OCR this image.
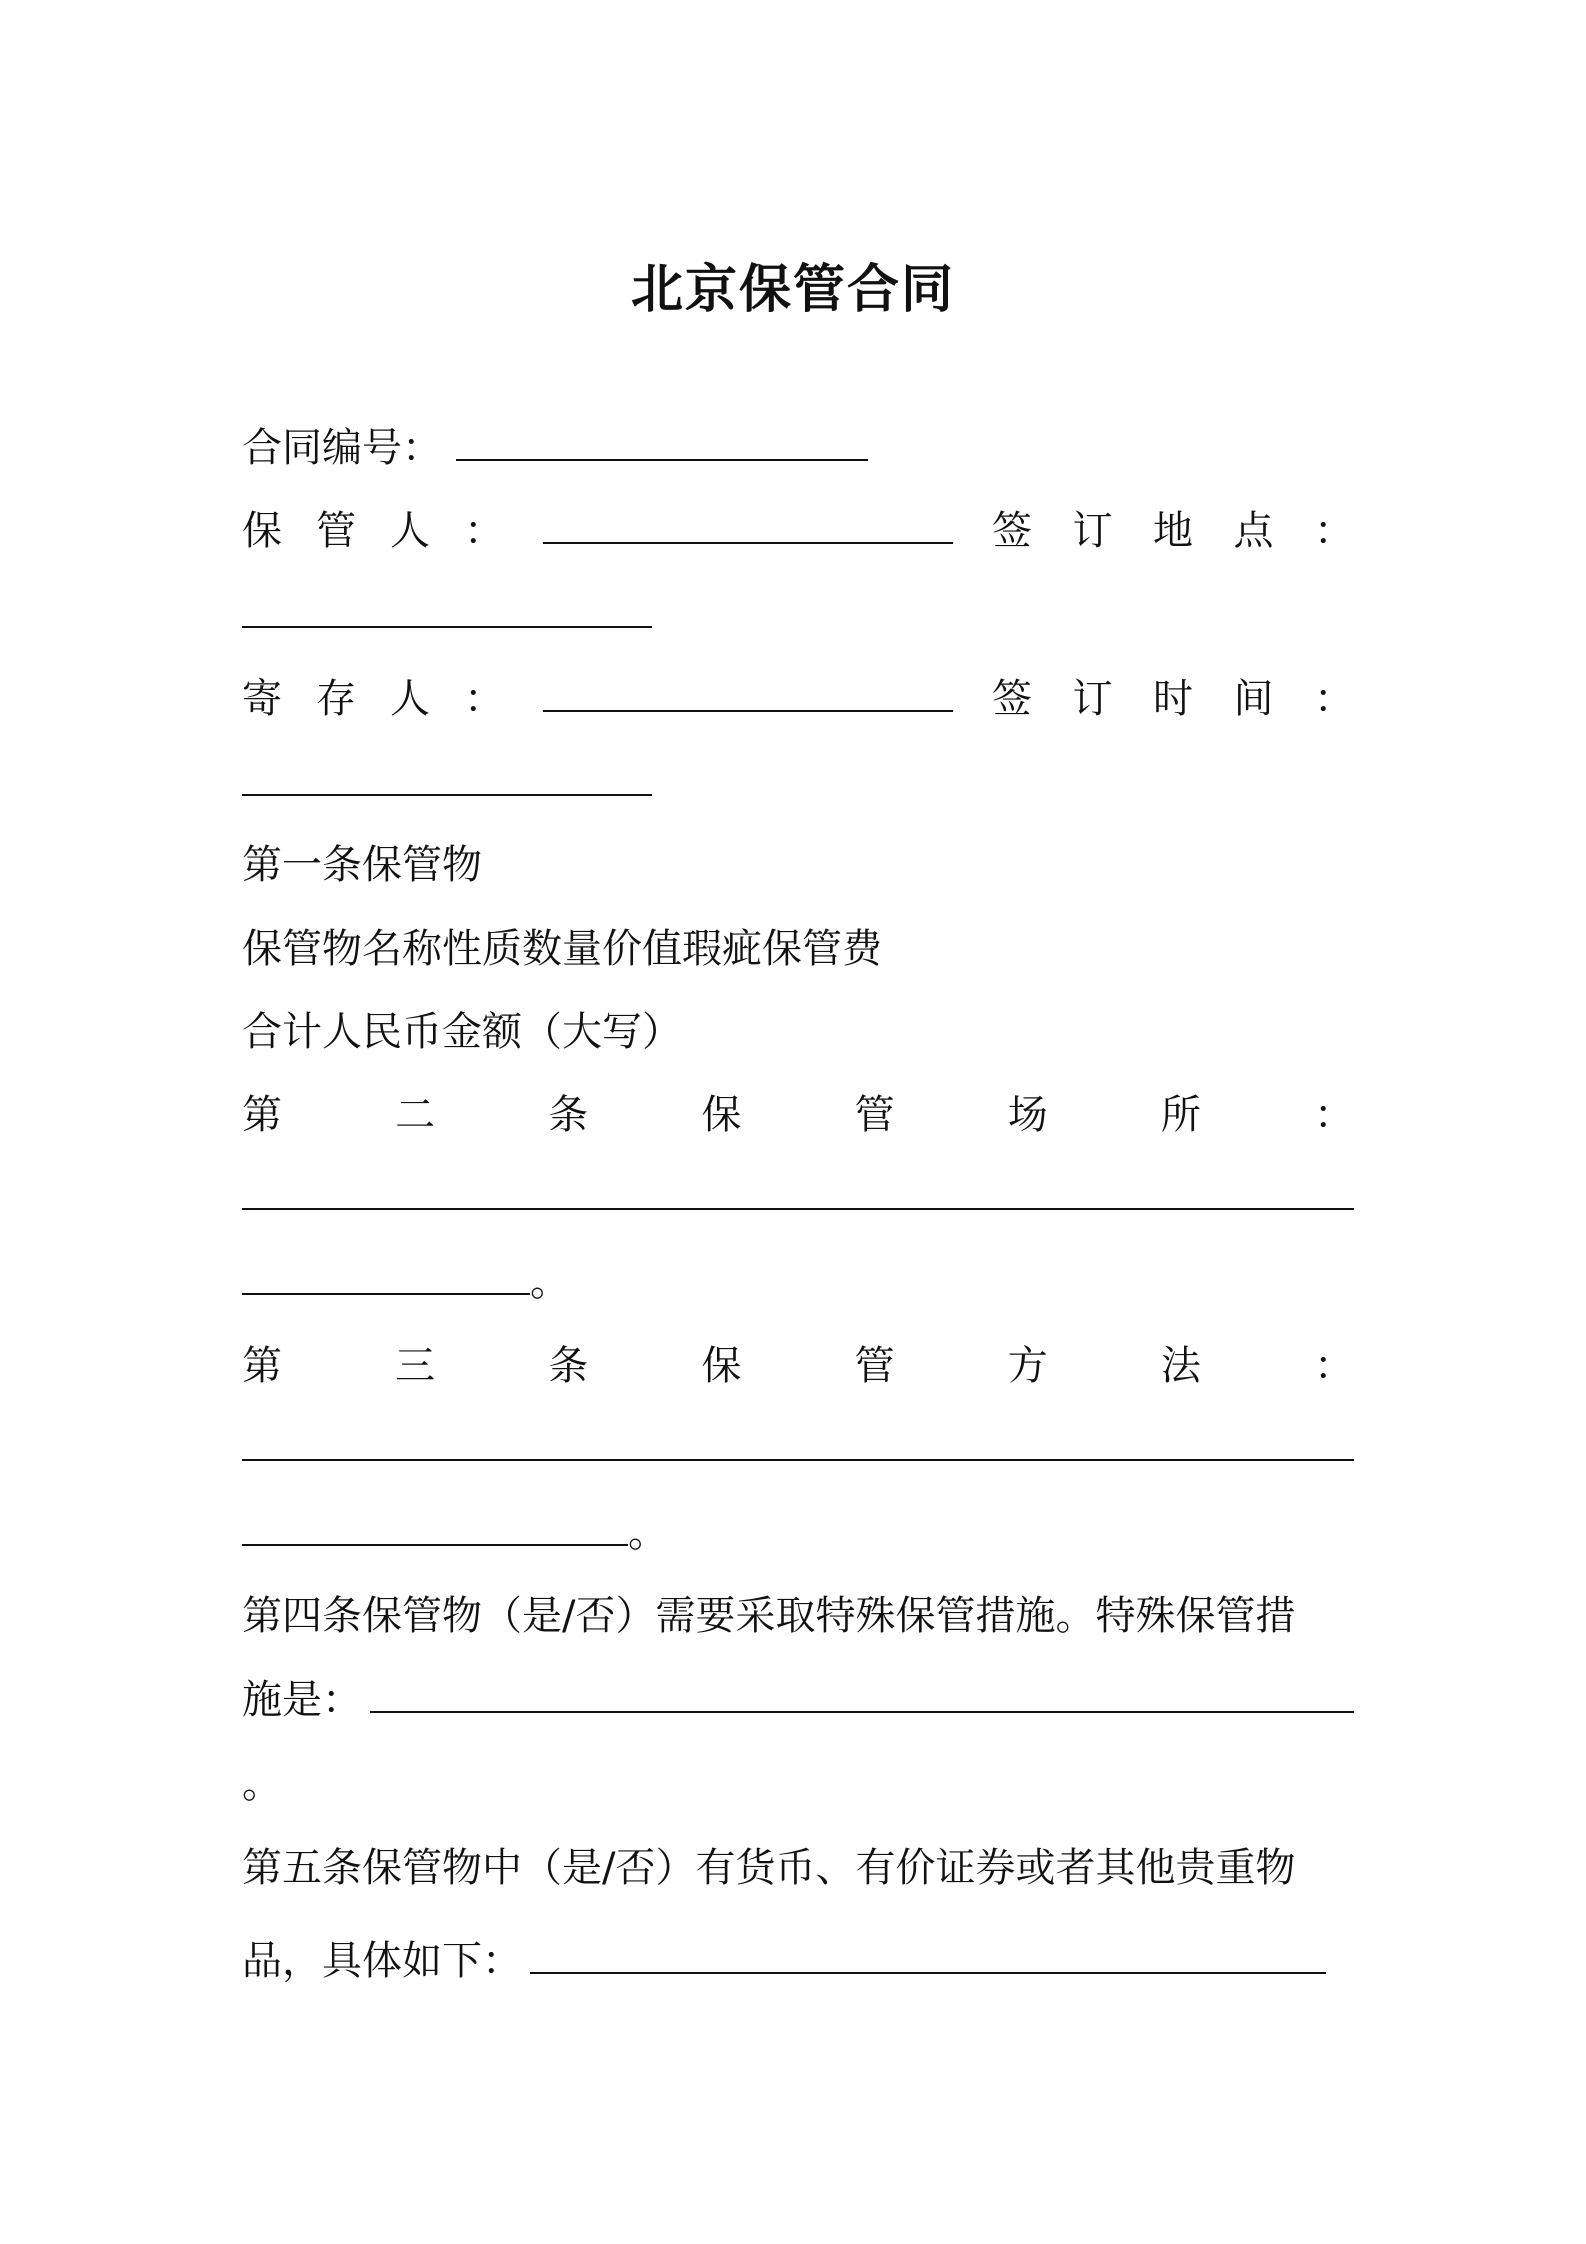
北京保管合同
合同编号：
保 管 人 ：	签 订 地 点 ：
寄 存 人 ：	签 订 时 间 ：
第一条保管物
保管物名称性质数量价值瑕疵保管费
合计人民币金额（大写）
第	二	条	保	管	场	所	：
。
第	三	条	保	管	方	法	：
。
第四条保管物（是/否）需要采取特殊保管措施。特殊保管措
施是：
。
第五条保管物中（是/否）有货币、有价证券或者其他贵重物
品，具体如下：
